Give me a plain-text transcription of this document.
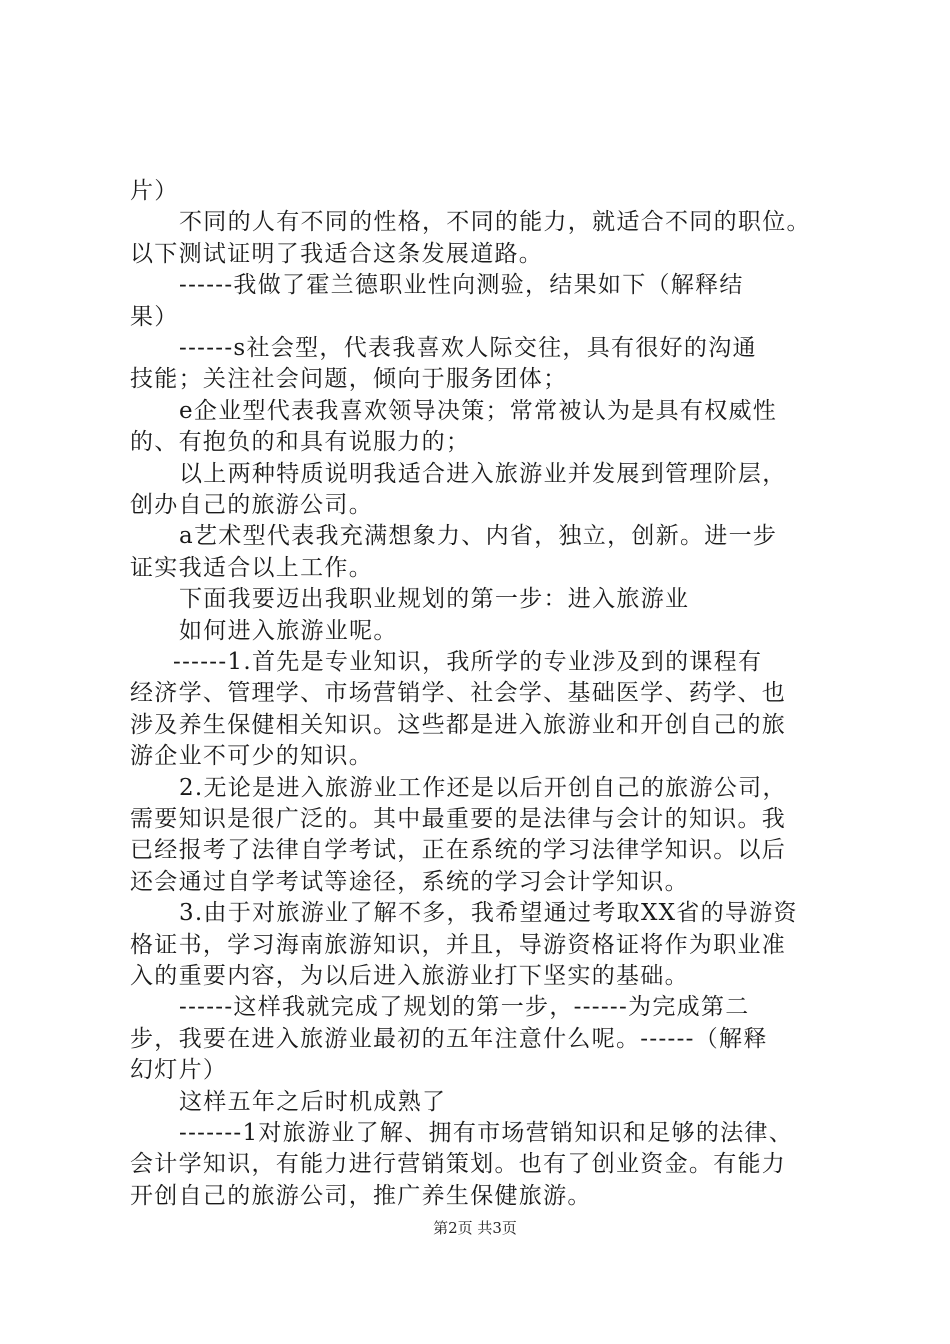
片）
不同的人有不同的性格，不同的能力，就适合不同的职位。
以下测试证明了我适合这条发展道路。
------我做了霍兰德职业性向测验，结果如下（解释结
果）
------s社会型，代表我喜欢人际交往，具有很好的沟通
技能；关注社会问题，倾向于服务团体；
e企业型代表我喜欢领导决策；常常被认为是具有权威性
的、有抱负的和具有说服力的；
以上两种特质说明我适合进入旅游业并发展到管理阶层，
创办自己的旅游公司。
a艺术型代表我充满想象力、内省，独立，创新。进一步
证实我适合以上工作。
下面我要迈出我职业规划的第一步：进入旅游业
如何进入旅游业呢。
------1.首先是专业知识，我所学的专业涉及到的课程有
经济学、管理学、市场营销学、社会学、基础医学、药学、也
涉及养生保健相关知识。这些都是进入旅游业和开创自己的旅
游企业不可少的知识。
2.无论是进入旅游业工作还是以后开创自己的旅游公司，
需要知识是很广泛的。其中最重要的是法律与会计的知识。我
已经报考了法律自学考试，正在系统的学习法律学知识。以后
还会通过自学考试等途径，系统的学习会计学知识。
3.由于对旅游业了解不多，我希望通过考取XX省的导游资
格证书，学习海南旅游知识，并且，导游资格证将作为职业准
入的重要内容，为以后进入旅游业打下坚实的基础。
------这样我就完成了规划的第一步，------为完成第二
步，我要在进入旅游业最初的五年注意什么呢。------（解释
幻灯片）
这样五年之后时机成熟了
-------1对旅游业了解、拥有市场营销知识和足够的法律、
会计学知识，有能力进行营销策划。也有了创业资金。有能力
开创自己的旅游公司，推广养生保健旅游。
第2页 共3页
